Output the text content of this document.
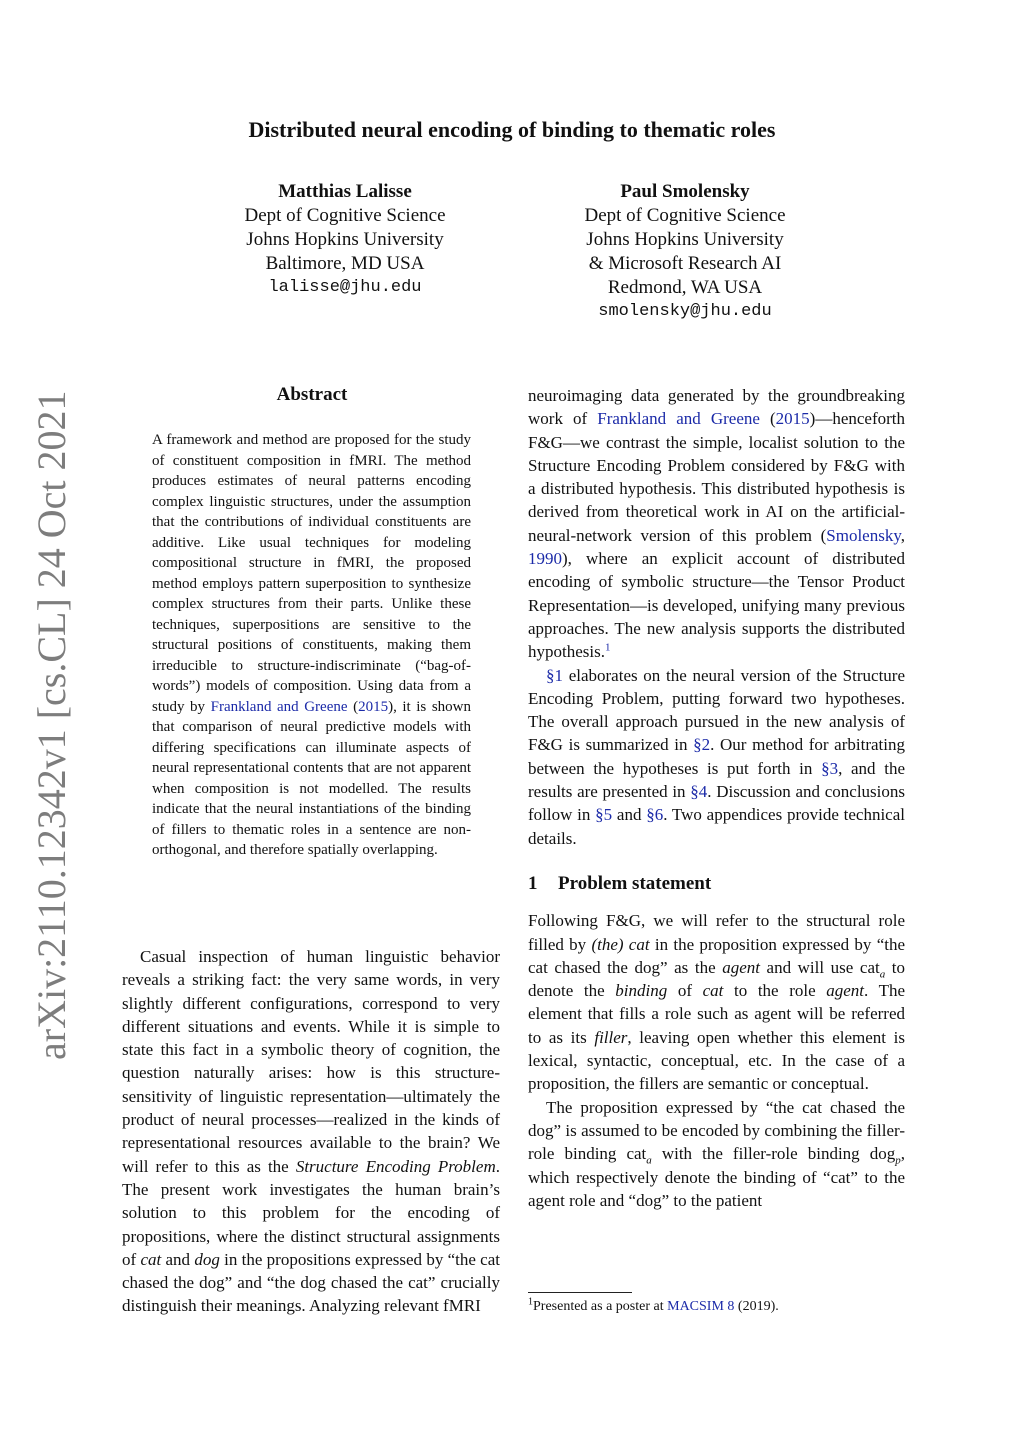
arXiv:2110.12342v1 [cs.CL] 24 Oct 2021
Distributed neural encoding of binding to thematic roles
Matthias Lalisse
Dept of Cognitive Science
Johns Hopkins University
Baltimore, MD USA
lalisse@jhu.edu
Paul Smolensky
Dept of Cognitive Science
Johns Hopkins University
& Microsoft Research AI
Redmond, WA USA
smolensky@jhu.edu
Abstract
A framework and method are proposed for the study of constituent composition in fMRI. The method produces estimates of neural patterns encoding complex linguistic structures, under the assumption that the contributions of individual constituents are additive. Like usual techniques for modeling compositional structure in fMRI, the proposed method employs pattern superposition to synthesize complex structures from their parts. Unlike these techniques, superpositions are sensitive to the structural positions of constituents, making them irreducible to structure-indiscriminate (“bag-of-words”) models of composition. Using data from a study by Frankland and Greene (2015), it is shown that comparison of neural predictive models with differing specifications can illuminate aspects of neural representational contents that are not apparent when composition is not modelled. The results indicate that the neural instantiations of the binding of fillers to thematic roles in a sentence are non-orthogonal, and therefore spatially overlapping.

Casual inspection of human linguistic behavior reveals a striking fact: the very same words, in very slightly different configurations, correspond to very different situations and events. While it is simple to state this fact in a symbolic theory of cognition, the question naturally arises: how is this structure-sensitivity of linguistic representation—ultimately the product of neural processes—realized in the kinds of representational resources available to the brain? We will refer to this as the Structure Encoding Problem. The present work investigates the human brain’s solution to this problem for the encoding of propositions, where the distinct structural assignments of cat and dog in the propositions expressed by “the cat chased the dog” and “the dog chased the cat” crucially distinguish their meanings. Analyzing relevant fMRI

neuroimaging data generated by the groundbreaking work of Frankland and Greene (2015)—henceforth F&G—we contrast the simple, localist solution to the Structure Encoding Problem considered by F&G with a distributed hypothesis. This distributed hypothesis is derived from theoretical work in AI on the artificial-neural-network version of this problem (Smolensky, 1990), where an explicit account of distributed encoding of symbolic structure—the Tensor Product Representation—is developed, unifying many previous approaches. The new analysis supports the distributed hypothesis.$^1$

§1 elaborates on the neural version of the Structure Encoding Problem, putting forward two hypotheses. The overall approach pursued in the new analysis of F&G is summarized in §2. Our method for arbitrating between the hypotheses is put forth in §3, and the results are presented in §4. Discussion and conclusions follow in §5 and §6. Two appendices provide technical details.

1 Problem statement

Following F&G, we will refer to the structural role filled by (the) cat in the proposition expressed by “the cat chased the dog” as the agent and will use cat$_a$ to denote the binding of cat to the role agent. The element that fills a role such as agent will be referred to as its filler, leaving open whether this element is lexical, syntactic, conceptual, etc. In the case of a proposition, the fillers are semantic or conceptual.

The proposition expressed by “the cat chased the dog” is assumed to be encoded by combining the filler-role binding cat$_a$ with the filler-role binding dog$_p$, which respectively denote the binding of “cat” to the agent role and “dog” to the patient

$^1$Presented as a poster at MACSIM 8 (2019).
